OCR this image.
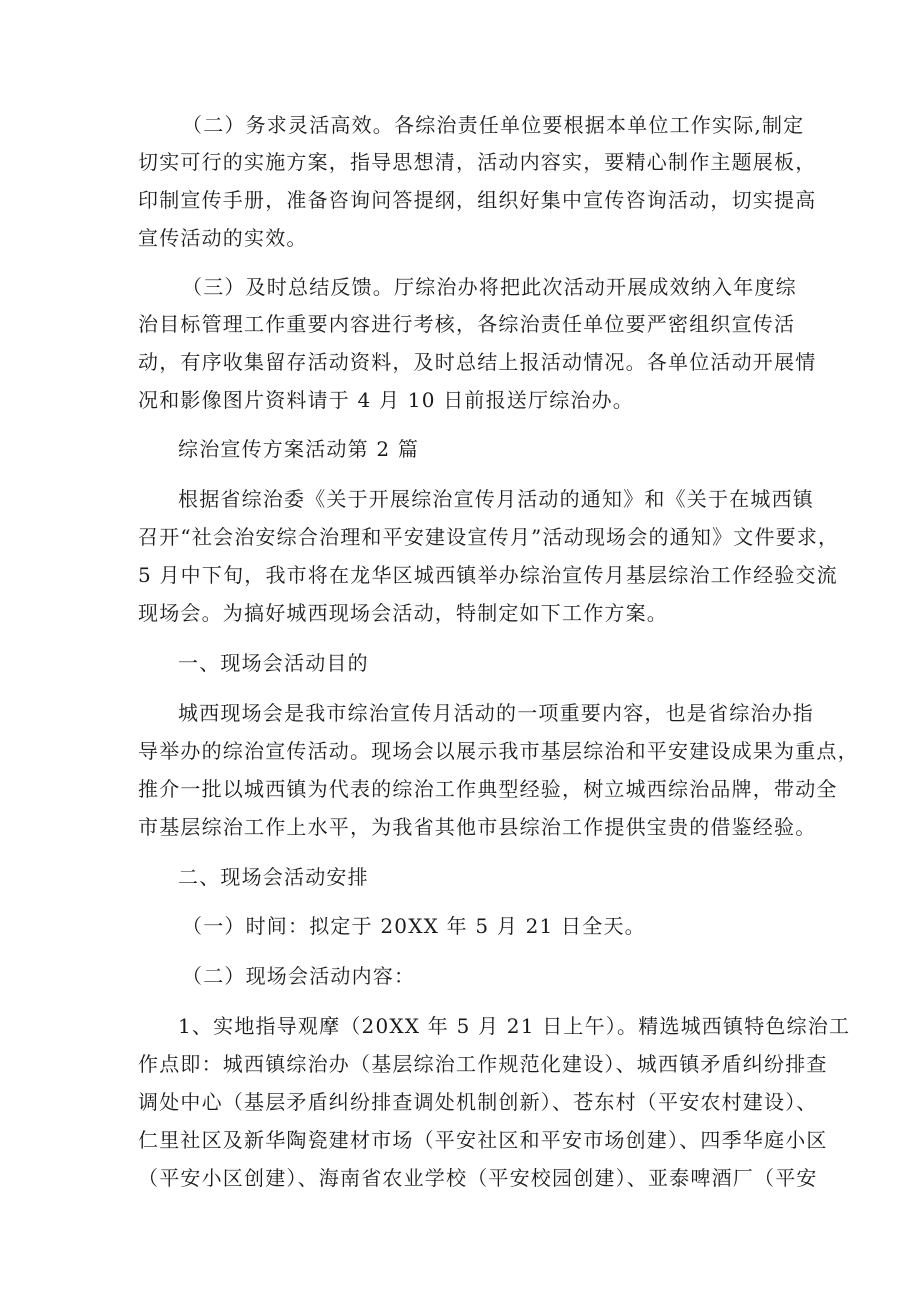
（二）务求灵活高效。各综治责任单位要根据本单位工作实际,制定
切实可行的实施方案，指导思想清，活动内容实，要精心制作主题展板，
印制宣传手册，准备咨询问答提纲，组织好集中宣传咨询活动，切实提高
宣传活动的实效。
（三）及时总结反馈。厅综治办将把此次活动开展成效纳入年度综
治目标管理工作重要内容进行考核，各综治责任单位要严密组织宣传活
动，有序收集留存活动资料，及时总结上报活动情况。各单位活动开展情
况和影像图片资料请于 4 月 10 日前报送厅综治办。
综治宣传方案活动第 2 篇
根据省综治委《关于开展综治宣传月活动的通知》和《关于在城西镇
召开“社会治安综合治理和平安建设宣传月”活动现场会的通知》文件要求，
5 月中下旬，我市将在龙华区城西镇举办综治宣传月基层综治工作经验交流
现场会。为搞好城西现场会活动，特制定如下工作方案。
一、现场会活动目的
城西现场会是我市综治宣传月活动的一项重要内容，也是省综治办指
导举办的综治宣传活动。现场会以展示我市基层综治和平安建设成果为重点，
推介一批以城西镇为代表的综治工作典型经验，树立城西综治品牌，带动全
市基层综治工作上水平，为我省其他市县综治工作提供宝贵的借鉴经验。
二、现场会活动安排
（一）时间：拟定于 20XX 年 5 月 21 日全天。
（二）现场会活动内容：
1、实地指导观摩（20XX 年 5 月 21 日上午）。精选城西镇特色综治工
作点即：城西镇综治办（基层综治工作规范化建设）、城西镇矛盾纠纷排查
调处中心（基层矛盾纠纷排查调处机制创新）、苍东村（平安农村建设）、
仁里社区及新华陶瓷建材市场（平安社区和平安市场创建）、四季华庭小区
（平安小区创建）、海南省农业学校（平安校园创建）、亚泰啤酒厂（平安
